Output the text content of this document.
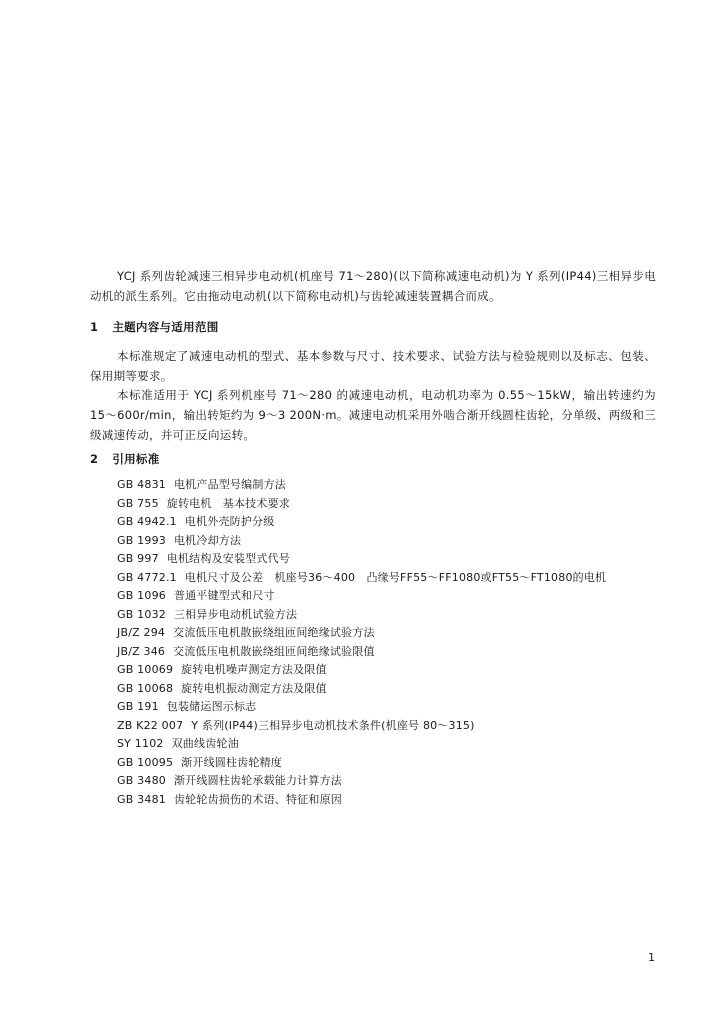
YCJ 系列齿轮减速三相异步电动机(机座号 71～280)(以下简称减速电动机)为 Y 系列(IP44)三相异步电动机的派生系列。它由拖动电动机(以下简称电动机)与齿轮减速装置耦合而成。

1 主题内容与适用范围

本标准规定了减速电动机的型式、基本参数与尺寸、技术要求、试验方法与检验规则以及标志、包装、保用期等要求。

本标准适用于 YCJ 系列机座号 71～280 的减速电动机，电动机功率为 0.55～15kW，输出转速约为 15～600r/min，输出转矩约为 9～3 200N·m。减速电动机采用外啮合渐开线圆柱齿轮，分单级、两级和三级减速传动，并可正反向运转。

2 引用标准

GB 4831 电机产品型号编制方法
GB 755 旋转电机　基本技术要求
GB 4942.1 电机外壳防护分级
GB 1993 电机冷却方法
GB 997 电机结构及安装型式代号
GB 4772.1 电机尺寸及公差　机座号36～400　凸缘号FF55～FF1080或FT55～FT1080的电机
GB 1096 普通平键型式和尺寸
GB 1032 三相异步电动机试验方法
JB/Z 294 交流低压电机散嵌绕组匝间绝缘试验方法
JB/Z 346 交流低压电机散嵌绕组匝间绝缘试验限值
GB 10069 旋转电机噪声测定方法及限值
GB 10068 旋转电机振动测定方法及限值
GB 191 包装储运图示标志
ZB K22 007 Y 系列(IP44)三相异步电动机技术条件(机座号 80～315)
SY 1102 双曲线齿轮油
GB 10095 渐开线圆柱齿轮精度
GB 3480 渐开线圆柱齿轮承载能力计算方法
GB 3481 齿轮轮齿损伤的术语、特征和原因

1
